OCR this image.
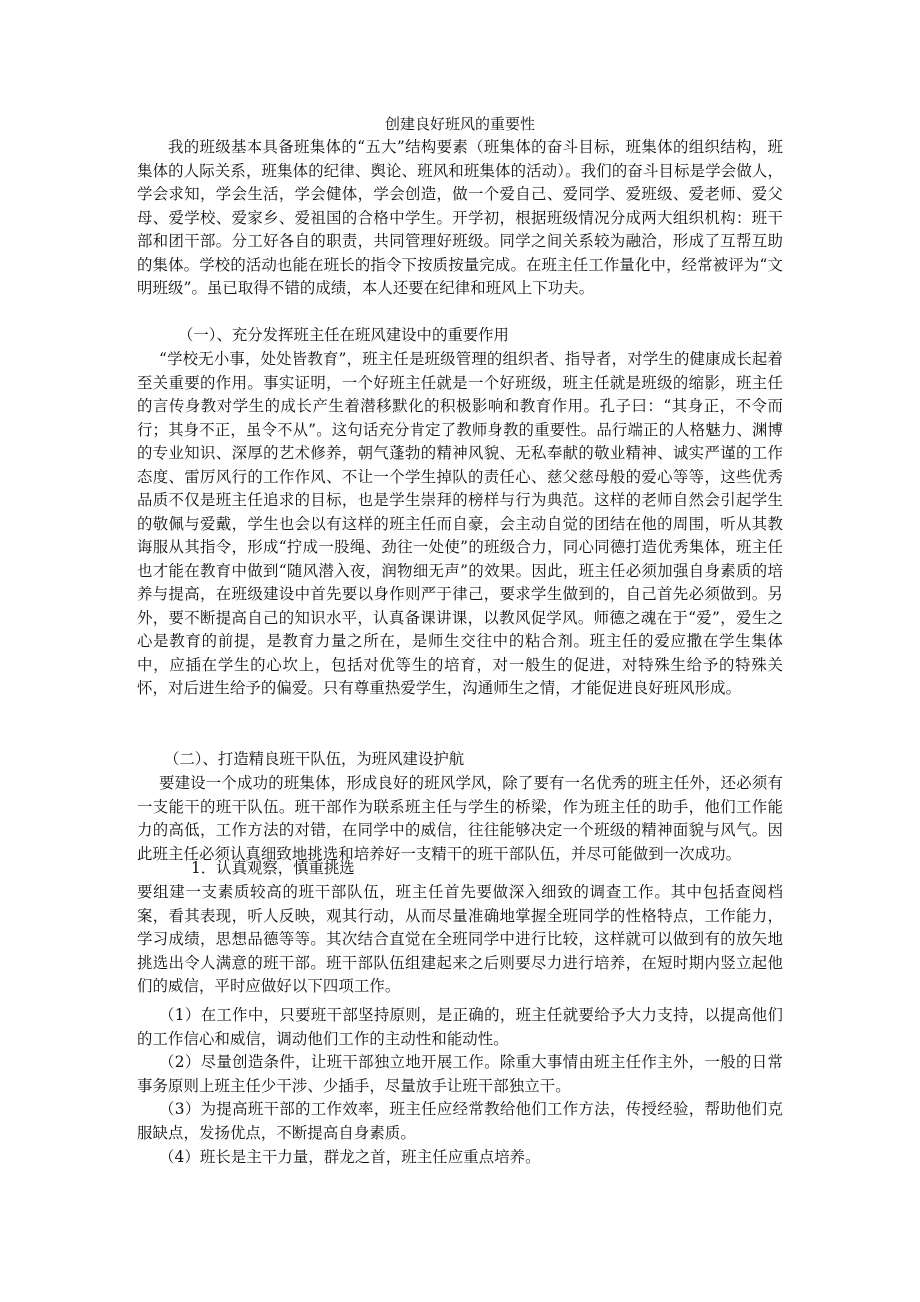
创建良好班风的重要性

我的班级基本具备班集体的“五大”结构要素（班集体的奋斗目标，班集体的组织结构，班集体的人际关系，班集体的纪律、舆论、班风和班集体的活动）。我们的奋斗目标是学会做人，学会求知，学会生活，学会健体，学会创造，做一个爱自己、爱同学、爱班级、爱老师、爱父母、爱学校、爱家乡、爱祖国的合格中学生。开学初，根据班级情况分成两大组织机构：班干部和团干部。分工好各自的职责，共同管理好班级。同学之间关系较为融洽，形成了互帮互助的集体。学校的活动也能在班长的指令下按质按量完成。在班主任工作量化中，经常被评为“文明班级”。虽已取得不错的成绩，本人还要在纪律和班风上下功夫。

（一）、充分发挥班主任在班风建设中的重要作用

“学校无小事，处处皆教育”，班主任是班级管理的组织者、指导者，对学生的健康成长起着至关重要的作用。事实证明，一个好班主任就是一个好班级，班主任就是班级的缩影，班主任的言传身教对学生的成长产生着潜移默化的积极影响和教育作用。孔子曰：“其身正，不令而行；其身不正，虽令不从”。这句话充分肯定了教师身教的重要性。品行端正的人格魅力、渊博的专业知识、深厚的艺术修养，朝气蓬勃的精神风貌、无私奉献的敬业精神、诚实严谨的工作态度、雷厉风行的工作作风、不让一个学生掉队的责任心、慈父慈母般的爱心等等，这些优秀品质不仅是班主任追求的目标，也是学生崇拜的榜样与行为典范。这样的老师自然会引起学生的敬佩与爱戴，学生也会以有这样的班主任而自豪，会主动自觉的团结在他的周围，听从其教诲服从其指令，形成“拧成一股绳、劲往一处使”的班级合力，同心同德打造优秀集体，班主任也才能在教育中做到“随风潜入夜，润物细无声”的效果。因此，班主任必须加强自身素质的培养与提高，在班级建设中首先要以身作则严于律己，要求学生做到的，自己首先必须做到。另外，要不断提高自己的知识水平，认真备课讲课，以教风促学风。师德之魂在于“爱”，爱生之心是教育的前提，是教育力量之所在，是师生交往中的粘合剂。班主任的爱应撒在学生集体中，应插在学生的心坎上，包括对优等生的培育，对一般生的促进，对特殊生给予的特殊关怀，对后进生给予的偏爱。只有尊重热爱学生，沟通师生之情，才能促进良好班风形成。

（二）、打造精良班干队伍，为班风建设护航

要建设一个成功的班集体，形成良好的班风学风，除了要有一名优秀的班主任外，还必须有一支能干的班干队伍。班干部作为联系班主任与学生的桥梁，作为班主任的助手，他们工作能力的高低，工作方法的对错，在同学中的威信，往往能够决定一个班级的精神面貌与风气。因此班主任必须认真细致地挑选和培养好一支精干的班干部队伍，并尽可能做到一次成功。

1．认真观察，慎重挑选

要组建一支素质较高的班干部队伍，班主任首先要做深入细致的调查工作。其中包括查阅档案，看其表现，听人反映，观其行动，从而尽量准确地掌握全班同学的性格特点，工作能力，学习成绩，思想品德等等。其次结合直觉在全班同学中进行比较，这样就可以做到有的放矢地挑选出令人满意的班干部。班干部队伍组建起来之后则要尽力进行培养，在短时期内竖立起他们的威信，平时应做好以下四项工作。

（1）在工作中，只要班干部坚持原则，是正确的，班主任就要给予大力支持，以提高他们的工作信心和威信，调动他们工作的主动性和能动性。

（2）尽量创造条件，让班干部独立地开展工作。除重大事情由班主任作主外，一般的日常事务原则上班主任少干涉、少插手，尽量放手让班干部独立干。

（3）为提高班干部的工作效率，班主任应经常教给他们工作方法，传授经验，帮助他们克服缺点，发扬优点，不断提高自身素质。

（4）班长是主干力量，群龙之首，班主任应重点培养。
